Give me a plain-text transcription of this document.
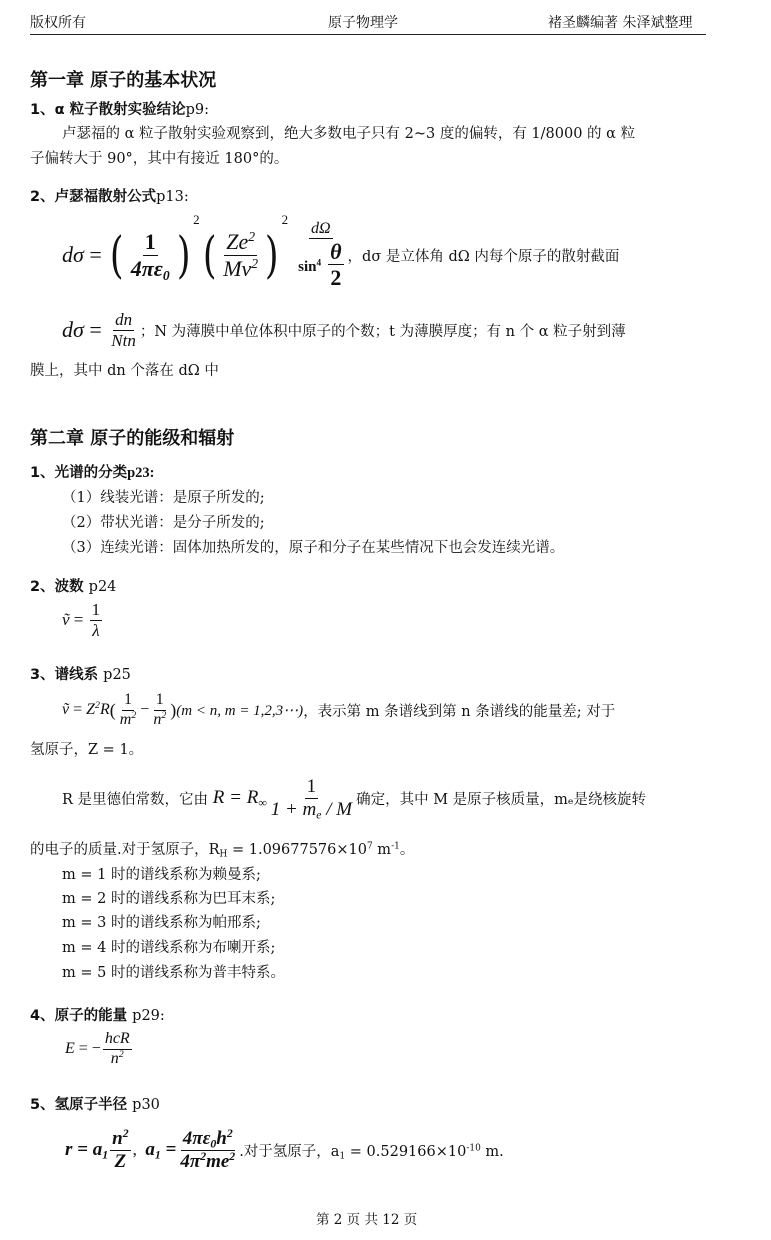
版权所有	原子物理学	褚圣麟编著 朱泽斌整理
第一章 原子的基本状况
1、α 粒子散射实验结论p9:
卢瑟福的 α 粒子散射实验观察到，绝大多数电子只有 2~3 度的偏转，有 1/8000 的 α 粒
子偏转大于 90°，其中有接近 180°的。
2、卢瑟福散射公式p13:
dσ = ( $\frac{1}{4\pi\varepsilon_0}$ )
2
( $\frac{Ze^2}{Mv^2}$ )
$2 \frac{d\Omega}{\sin^4 \frac{\theta}{2}}$ ，dσ 是立体角 dΩ 内每个原子的散射截面
$d\sigma = \frac{dn}{\text{Ntn}}$ ；N 为薄膜中单位体积中原子的个数；t 为薄膜厚度；有 n 个 α 粒子射到薄
膜上，其中 dn 个落在 dΩ 中
第二章 原子的能级和辐射
1、光谱的分类p23:
（1）线装光谱：是原子所发的;
（2）带状光谱：是分子所发的;
（3）连续光谱：固体加热所发的，原子和分子在某些情况下也会发连续光谱。
2、波数 p24
ṽ = $\frac{1}{\lambda}$
3、谱线系 p25
ṽ = $Z^2R$ ( $\frac{1}{m^2} - \frac{1}{n^2}$ ) (m < n, m = 1,2,3⋯) ，表示第 m 条谱线到第 n 条谱线的能量差; 对于
氢原子，Z = 1。
R 是里德伯常数，它由 $R = R_\infty \frac{1}{1 + m_e / M}$ 确定，其中 M 是原子核质量，mₑ是绕核旋转
的电子的质量.对于氢原子，$R_H = 1.09677576\times 10^7$ $m^{-1}$。
m = 1 时的谱线系称为赖曼系;
m = 2 时的谱线系称为巴耳末系;
m = 3 时的谱线系称为帕邢系;
m = 4 时的谱线系称为布喇开系;
m = 5 时的谱线系称为普丰特系。
4、原子的能量 p29:
E = − $\frac{\text{hcR}}{n^2}$
5、氢原子半径 p30
$r = a_1 \frac{n^2}{Z}$ , $a_1 = \frac{4\pi\varepsilon_0h^2}{4\pi^2me^2}$ .对于氢原子，$a_1 = 0.529166\times 10^{-10}$ m.
第 2 页 共 12 页
